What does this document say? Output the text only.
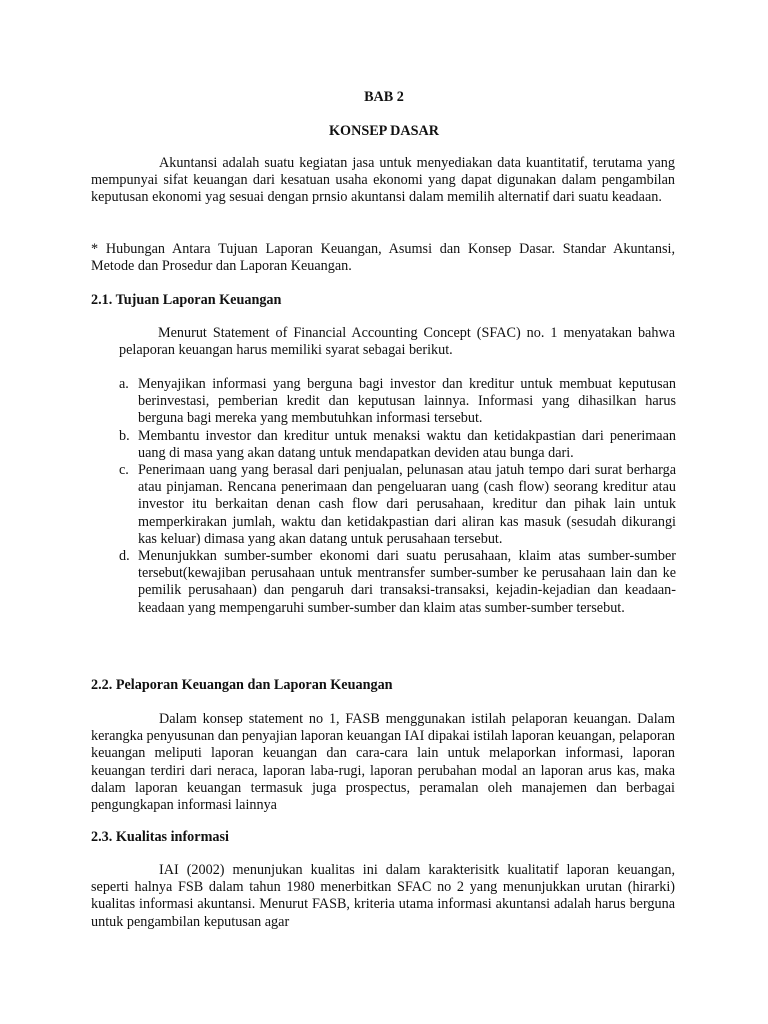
BAB 2
KONSEP DASAR

Akuntansi adalah suatu kegiatan jasa untuk menyediakan data kuantitatif, terutama yang mempunyai sifat keuangan dari kesatuan usaha ekonomi yang dapat digunakan dalam pengambilan keputusan ekonomi yag sesuai dengan prnsio akuntansi dalam memilih alternatif dari suatu keadaan.

* Hubungan Antara Tujuan Laporan Keuangan, Asumsi dan Konsep Dasar. Standar Akuntansi, Metode dan Prosedur dan Laporan Keuangan.

2.1. Tujuan Laporan Keuangan

Menurut Statement of Financial Accounting Concept (SFAC) no. 1 menyatakan bahwa pelaporan keuangan harus memiliki syarat sebagai berikut.

a. Menyajikan informasi yang berguna bagi investor dan kreditur untuk membuat keputusan berinvestasi, pemberian kredit dan keputusan lainnya. Informasi yang dihasilkan harus berguna bagi mereka yang membutuhkan informasi tersebut.
b. Membantu investor dan kreditur untuk menaksi waktu dan ketidakpastian dari penerimaan uang di masa yang akan datang untuk mendapatkan deviden atau bunga dari.
c. Penerimaan uang yang berasal dari penjualan, pelunasan atau jatuh tempo dari surat berharga atau pinjaman. Rencana penerimaan dan pengeluaran uang (cash flow) seorang kreditur atau investor itu berkaitan denan cash flow dari perusahaan, kreditur dan pihak lain untuk memperkirakan jumlah, waktu dan ketidakpastian dari aliran kas masuk (sesudah dikurangi kas keluar) dimasa yang akan datang untuk perusahaan tersebut.
d. Menunjukkan sumber-sumber ekonomi dari suatu perusahaan, klaim atas sumber-sumber tersebut(kewajiban perusahaan untuk mentransfer sumber-sumber ke perusahaan lain dan ke pemilik perusahaan) dan pengaruh dari transaksi-transaksi, kejadin-kejadian dan keadaan-keadaan yang mempengaruhi sumber-sumber dan klaim atas sumber-sumber tersebut.

2.2. Pelaporan Keuangan dan Laporan Keuangan

Dalam konsep statement no 1, FASB menggunakan istilah pelaporan keuangan. Dalam kerangka penyusunan dan penyajian laporan keuangan IAI dipakai istilah laporan keuangan, pelaporan keuangan meliputi laporan keuangan dan cara-cara lain untuk melaporkan informasi, laporan keuangan terdiri dari neraca, laporan laba-rugi, laporan perubahan modal an laporan arus kas, maka dalam laporan keuangan termasuk juga prospectus, peramalan oleh manajemen dan berbagai pengungkapan informasi lainnya

2.3. Kualitas informasi

IAI (2002) menunjukan kualitas ini dalam karakterisitk kualitatif laporan keuangan, seperti halnya FSB dalam tahun 1980 menerbitkan SFAC no 2 yang menunjukkan urutan (hirarki) kualitas informasi akuntansi. Menurut FASB, kriteria utama informasi akuntansi adalah harus berguna untuk pengambilan keputusan agar
